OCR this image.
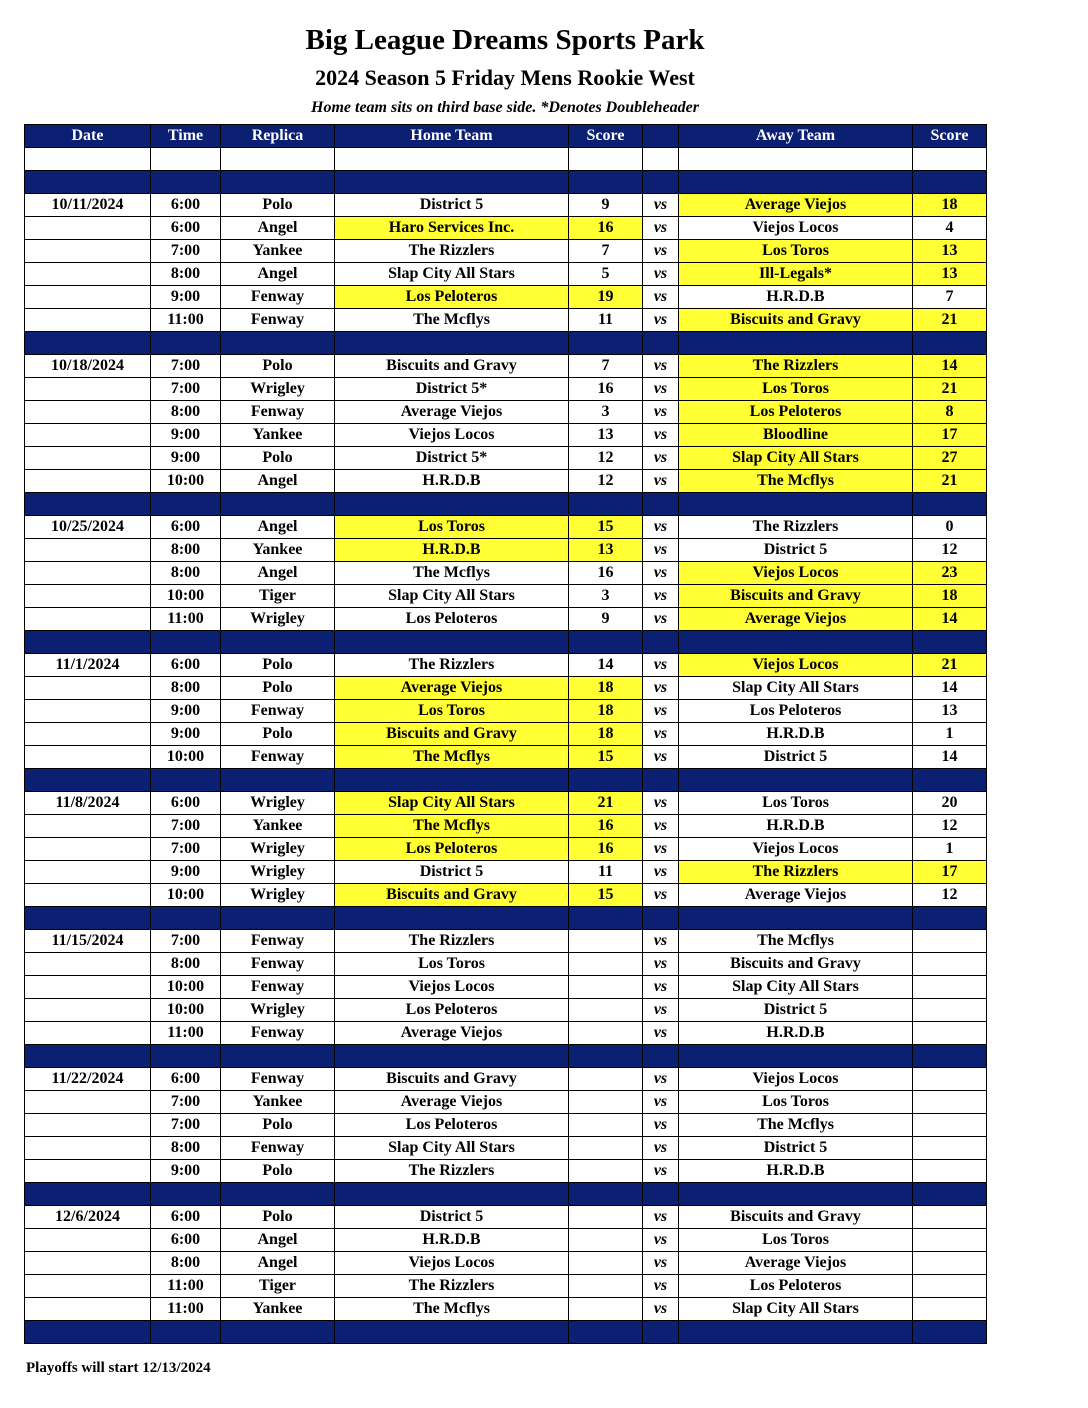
Big League Dreams Sports Park
2024 Season 5 Friday Mens Rookie West
Home team sits on third base side. *Denotes Doubleheader
Date	Time	Replica	Home Team	Score		Away Team	Score

10/11/2024	6:00	Polo	District 5	9	vs	Average Viejos	18
	6:00	Angel	Haro Services Inc.	16	vs	Viejos Locos	4
	7:00	Yankee	The Rizzlers	7	vs	Los Toros	13
	8:00	Angel	Slap City All Stars	5	vs	Ill-Legals*	13
	9:00	Fenway	Los Peloteros	19	vs	H.R.D.B	7
	11:00	Fenway	The Mcflys	11	vs	Biscuits and Gravy	21

10/18/2024	7:00	Polo	Biscuits and Gravy	7	vs	The Rizzlers	14
	7:00	Wrigley	District 5*	16	vs	Los Toros	21
	8:00	Fenway	Average Viejos	3	vs	Los Peloteros	8
	9:00	Yankee	Viejos Locos	13	vs	Bloodline	17
	9:00	Polo	District 5*	12	vs	Slap City All Stars	27
	10:00	Angel	H.R.D.B	12	vs	The Mcflys	21

10/25/2024	6:00	Angel	Los Toros	15	vs	The Rizzlers	0
	8:00	Yankee	H.R.D.B	13	vs	District 5	12
	8:00	Angel	The Mcflys	16	vs	Viejos Locos	23
	10:00	Tiger	Slap City All Stars	3	vs	Biscuits and Gravy	18
	11:00	Wrigley	Los Peloteros	9	vs	Average Viejos	14

11/1/2024	6:00	Polo	The Rizzlers	14	vs	Viejos Locos	21
	8:00	Polo	Average Viejos	18	vs	Slap City All Stars	14
	9:00	Fenway	Los Toros	18	vs	Los Peloteros	13
	9:00	Polo	Biscuits and Gravy	18	vs	H.R.D.B	1
	10:00	Fenway	The Mcflys	15	vs	District 5	14

11/8/2024	6:00	Wrigley	Slap City All Stars	21	vs	Los Toros	20
	7:00	Yankee	The Mcflys	16	vs	H.R.D.B	12
	7:00	Wrigley	Los Peloteros	16	vs	Viejos Locos	1
	9:00	Wrigley	District 5	11	vs	The Rizzlers	17
	10:00	Wrigley	Biscuits and Gravy	15	vs	Average Viejos	12

11/15/2024	7:00	Fenway	The Rizzlers		vs	The Mcflys	
	8:00	Fenway	Los Toros		vs	Biscuits and Gravy	
	10:00	Fenway	Viejos Locos		vs	Slap City All Stars	
	10:00	Wrigley	Los Peloteros		vs	District 5	
	11:00	Fenway	Average Viejos		vs	H.R.D.B	

11/22/2024	6:00	Fenway	Biscuits and Gravy		vs	Viejos Locos	
	7:00	Yankee	Average Viejos		vs	Los Toros	
	7:00	Polo	Los Peloteros		vs	The Mcflys	
	8:00	Fenway	Slap City All Stars		vs	District 5	
	9:00	Polo	The Rizzlers		vs	H.R.D.B	

12/6/2024	6:00	Polo	District 5		vs	Biscuits and Gravy	
	6:00	Angel	H.R.D.B		vs	Los Toros	
	8:00	Angel	Viejos Locos		vs	Average Viejos	
	11:00	Tiger	The Rizzlers		vs	Los Peloteros	
	11:00	Yankee	The Mcflys		vs	Slap City All Stars	

Playoffs will start 12/13/2024
